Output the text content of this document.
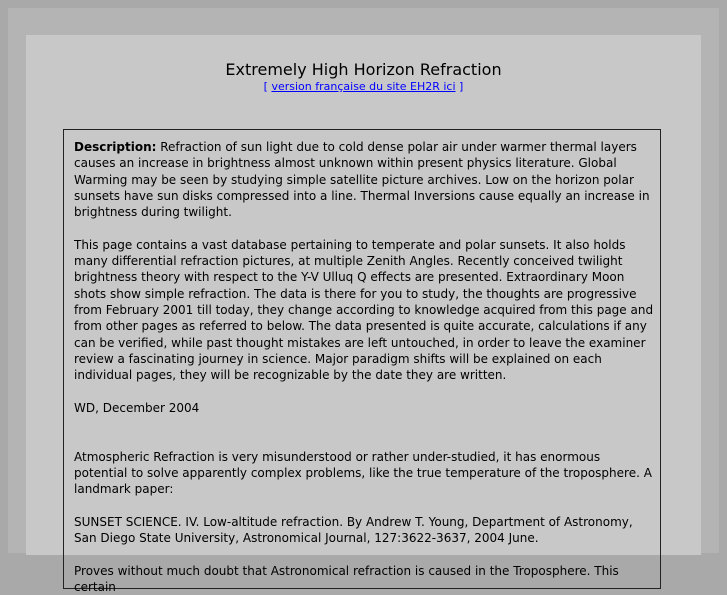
Extremely High Horizon Refraction
[ version française du site EH2R ici ]

Description: Refraction of sun light due to cold dense polar air under warmer thermal layers causes an increase in brightness almost unknown within present physics literature. Global Warming may be seen by studying simple satellite picture archives. Low on the horizon polar sunsets have sun disks compressed into a line. Thermal Inversions cause equally an increase in brightness during twilight.

This page contains a vast database pertaining to temperate and polar sunsets. It also holds many differential refraction pictures, at multiple Zenith Angles. Recently conceived twilight brightness theory with respect to the Y-V Ulluq Q effects are presented. Extraordinary Moon shots show simple refraction. The data is there for you to study, the thoughts are progressive from February 2001 till today, they change according to knowledge acquired from this page and from other pages as referred to below. The data presented is quite accurate, calculations if any can be verified, while past thought mistakes are left untouched, in order to leave the examiner review a fascinating journey in science. Major paradigm shifts will be explained on each individual pages, they will be recognizable by the date they are written.

WD, December 2004

Atmospheric Refraction is very misunderstood or rather under-studied, it has enormous potential to solve apparently complex problems, like the true temperature of the troposphere. A landmark paper:

SUNSET SCIENCE. IV. Low-altitude refraction. By Andrew T. Young, Department of Astronomy, San Diego State University, Astronomical Journal, 127:3622-3637, 2004 June.

Proves without much doubt that Astronomical refraction is caused in the Troposphere. This certain
